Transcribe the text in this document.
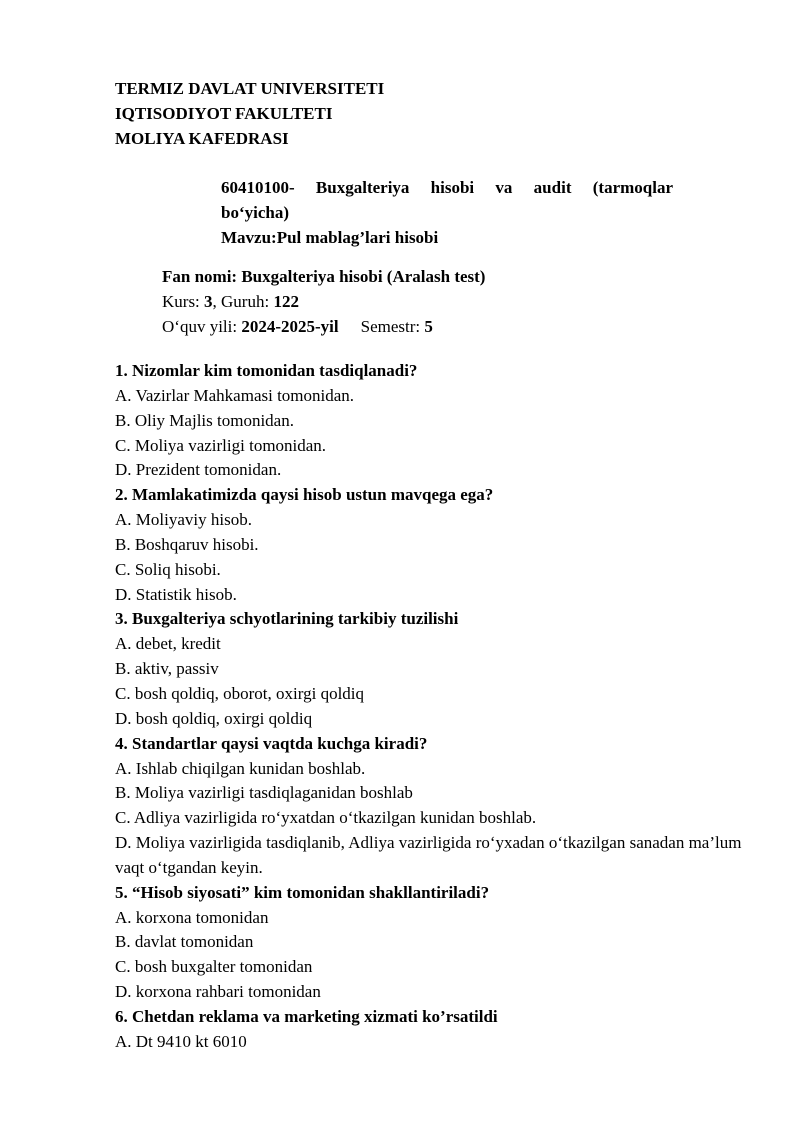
TERMIZ DAVLAT UNIVERSITETI
IQTISODIYOT FAKULTETI
MOLIYA KAFEDRASI
60410100- Buxgalteriya hisobi va audit (tarmoqlar
bo‘yicha)
Mavzu:Pul mablag’lari hisobi
Fan nomi: Buxgalteriya hisobi (Aralash test)
Kurs: 3, Guruh: 122
O‘quv yili: 2024-2025-yil Semestr: 5
1. Nizomlar kim tomonidan tasdiqlanadi?
A. Vazirlar Mahkamasi tomonidan.
B. Oliy Majlis tomonidan.
C. Moliya vazirligi tomonidan.
D. Prezident tomonidan.
2. Mamlakatimizda qaysi hisob ustun mavqega ega?
A. Moliyaviy hisob.
B. Boshqaruv hisobi.
C. Soliq hisobi.
D. Statistik hisob.
3. Buxgalteriya schyotlarining tarkibiy tuzilishi
A. debet, kredit
B. aktiv, passiv
C. bosh qoldiq, oborot, oxirgi qoldiq
D. bosh qoldiq, oxirgi qoldiq
4. Standartlar qaysi vaqtda kuchga kiradi?
A. Ishlab chiqilgan kunidan boshlab.
B. Moliya vazirligi tasdiqlaganidan boshlab
C. Adliya vazirligida ro‘yxatdan o‘tkazilgan kunidan boshlab.
D. Moliya vazirligida tasdiqlanib, Adliya vazirligida ro‘yxadan o‘tkazilgan sanadan ma’lum vaqt o‘tgandan keyin.
5. “Hisob siyosati” kim tomonidan shakllantiriladi?
A. korxona tomonidan
B. davlat tomonidan
C. bosh buxgalter tomonidan
D. korxona rahbari tomonidan
6. Chetdan reklama va marketing xizmati ko’rsatildi
A. Dt 9410 kt 6010
